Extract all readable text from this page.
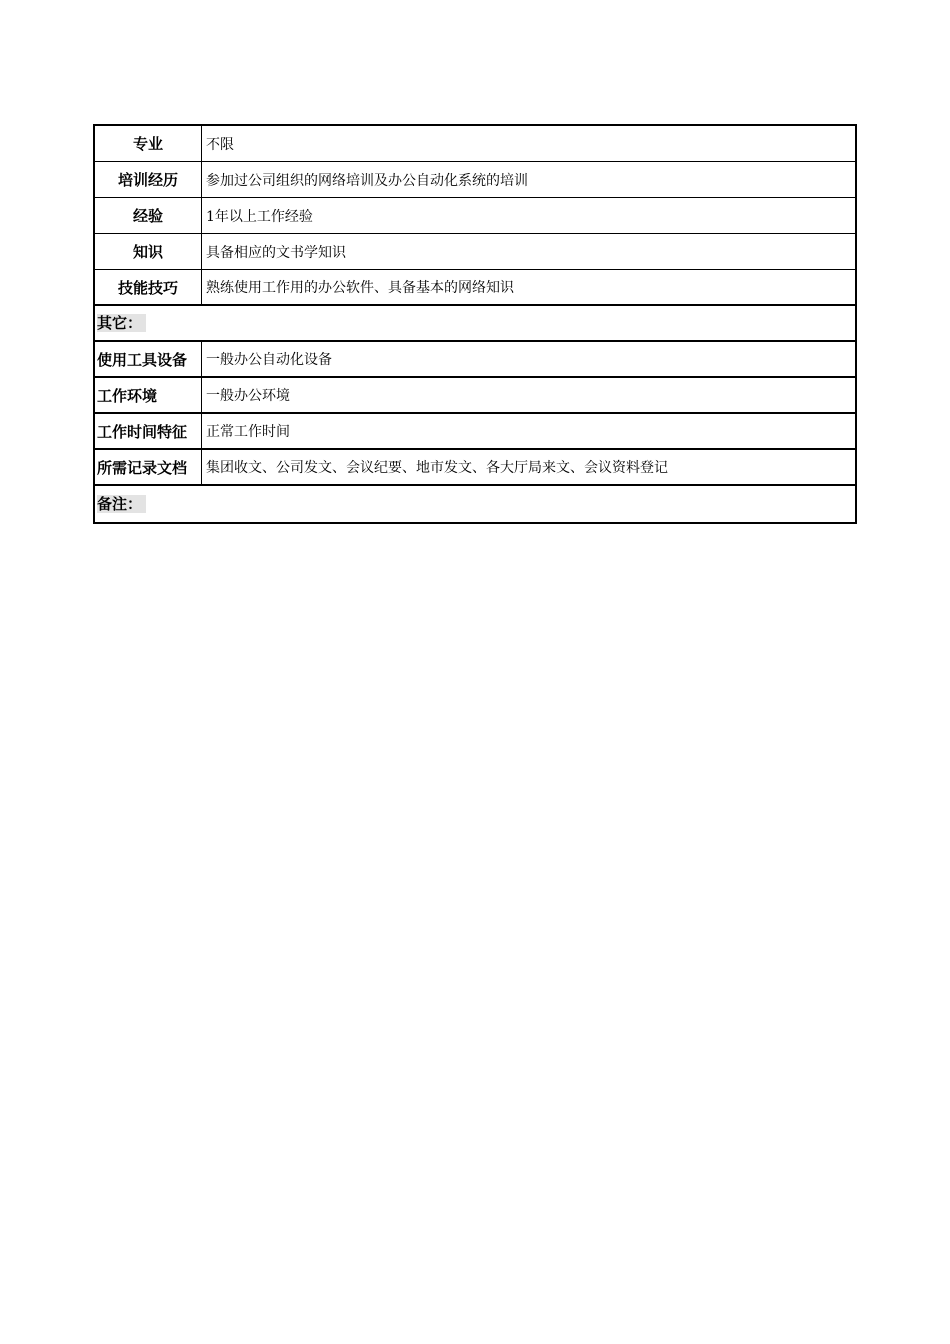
专业	不限
培训经历	参加过公司组织的网络培训及办公自动化系统的培训
经验	1年以上工作经验
知识	具备相应的文书学知识
技能技巧	熟练使用工作用的办公软件、具备基本的网络知识
其它：
使用工具设备	一般办公自动化设备
工作环境	一般办公环境
工作时间特征	正常工作时间
所需记录文档	集团收文、公司发文、会议纪要、地市发文、各大厅局来文、会议资料登记
备注：
